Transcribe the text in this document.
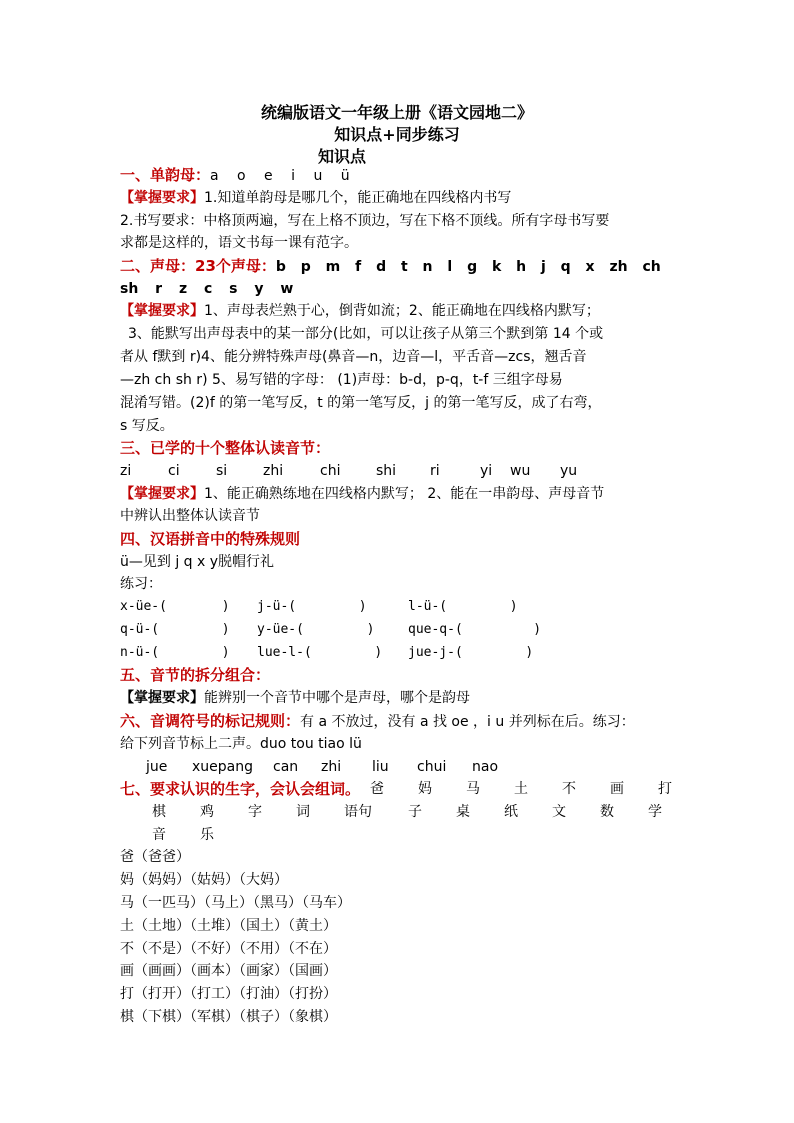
统编版语文一年级上册《语文园地二》
知识点+同步练习
知识点
一、单韵母：a o e i u ü
【掌握要求】1.知道单韵母是哪几个，能正确地在四线格内书写
2.书写要求：中格顶两遍，写在上格不顶边，写在下格不顶线。所有字母书写要
求都是这样的，语文书每一课有范字。
二、声母：23个声母：b p m f d t n l g k h j q x zh ch
sh r z c s y w
【掌握要求】1、声母表烂熟于心，倒背如流；2、能正确地在四线格内默写；
3、能默写出声母表中的某一部分(比如，可以让孩子从第三个默到第 14 个或
者从 f默到 r)4、能分辨特殊声母(鼻音—n，边音—l，平舌音—zcs，翘舌音
—zh ch sh r) 5、易写错的字母： (1)声母：b-d，p-q，t-f 三组字母易
混淆写错。(2)f 的第一笔写反，t 的第一笔写反，j 的第一笔写反，成了右弯，
s 写反。
三、已学的十个整体认读音节：
zi	ci	si	zhi	chi	shi ri	yi wu yu
【掌握要求】1、能正确熟练地在四线格内默写； 2、能在一串韵母、声母音节
中辨认出整体认读音节
四、汉语拼音中的特殊规则
ü—见到 j q x y脱帽行礼
练习：
x-üe-(       ) j-ü-(        )	l-ü-(        )
q-ü-(        ) y-üe-(        )	que-q-(         )
n-ü-(        ) lue-l-(        ) jue-j-(        )
五、音节的拆分组合：
【掌握要求】能辨别一个音节中哪个是声母，哪个是韵母
六、音调符号的标记规则：有 a 不放过，没有 a 找 oe ，i u 并列标在后。练习：
给下列音节标上二声。duo tou tiao lü
jue xuepang can zhi liu chui nao
七、要求认识的生字，会认会组词。 爸 妈 马 土 不 画 打
棋 鸡 字 词 语句	子 桌 纸 文 数 学
音 乐
爸（爸爸）
妈（妈妈）（姑妈）（大妈）
马（一匹马）（马上）（黑马）（马车）
土（土地）（土堆）（国土）（黄土）
不（不是）（不好）（不用）（不在）
画（画画）（画本）（画家）（国画）
打（打开）（打工）（打油）（打扮）
棋（下棋）（军棋）（棋子）（象棋）
